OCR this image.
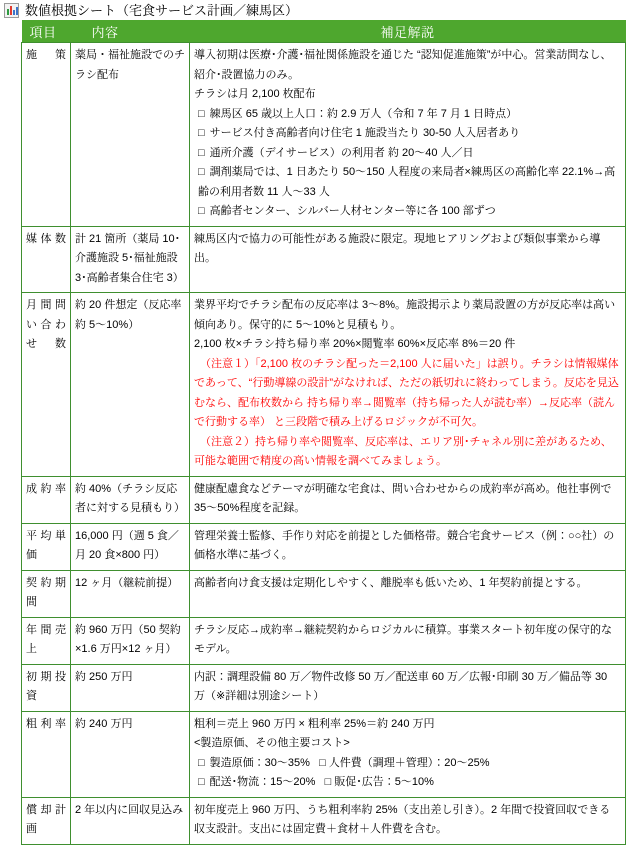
数値根拠シート（宅食サービス計画／練馬区）
項目	内容	補足解説

施策	薬局・福祉施設でのチラシ配布	
導入初期は医療･介護･福祉関係施設を通じた “認知促進施策”が中心。営業訪問なし、紹介･設置協力のみ。
チラシは月 2,100 枚配布
□ 練馬区 65 歳以上人口：約 2.9 万人（令和 7 年 7 月 1 日時点）
□ サービス付き高齢者向け住宅 1 施設当たり 30-50 人入居者あり
□ 通所介護（デイサービス）の利用者 約 20〜40 人／日
□ 調剤薬局では、1 日あたり 50〜150 人程度の来局者×練馬区の高齢化率 22.1%→高齢の利用者数 11 人〜33 人
□ 高齢者センター、シルバー人材センター等に各 100 部ずつ

媒体数	計 21 箇所（薬局 10･介護施設 5･福祉施設 3･高齢者集合住宅 3）	練馬区内で協力の可能性がある施設に限定。現地ヒアリングおよび類似事業から導出。

月間問い合わせ数	約 20 件想定（反応率約 5〜10%）	業界平均でチラシ配布の反応率は 3〜8%。施設掲示より薬局設置の方が反応率は高い傾向あり。保守的に 5〜10%と見積もり。
2,100 枚×チラシ持ち帰り率 20%×閲覧率 60%×反応率 8%＝20 件
（注意１）「2,100 枚のチラシ配った＝2,100 人に届いた」は誤り。チラシは情報媒体であって、“行動導線の設計”がなければ、ただの紙切れに終わってしまう。反応を見込むなら、配布枚数から 持ち帰り率→閲覧率（持ち帰った人が読む率）→反応率（読んで行動する率） と三段階で積み上げるロジックが不可欠。
（注意２）持ち帰り率や閲覧率、反応率は、エリア別･チャネル別に差があるため、可能な範囲で精度の高い情報を調べてみましょう。

成約率	約 40%（チラシ反応者に対する見積もり）	健康配慮食などテーマが明確な宅食は、問い合わせからの成約率が高め。他社事例で 35〜50%程度を記録。

平均単価	16,000 円（週 5 食／月 20 食×800 円）	管理栄養士監修、手作り対応を前提とした価格帯。競合宅食サービス（例：○○社）の価格水準に基づく。

契約期間	12 ヶ月（継続前提）	高齢者向け食支援は定期化しやすく、離脱率も低いため、1 年契約前提とする。

年間売上	約 960 万円（50 契約×1.6 万円×12 ヶ月）	チラシ反応→成約率→継続契約からロジカルに積算。事業スタート初年度の保守的なモデル。

初期投資	約 250 万円	内訳：調理設備 80 万／物件改修 50 万／配送車 60 万／広報･印刷 30 万／備品等 30 万（※詳細は別途シート）

粗利率	約 240 万円	粗利＝売上 960 万円 × 粗利率 25%＝約 240 万円
<製造原価、その他主要コスト>
□ 製造原価：30〜35% □ 人件費（調理＋管理）：20〜25%
□ 配送･物流：15〜20% □ 販促･広告：5〜10%

償却計画	2 年以内に回収見込み	初年度売上 960 万円、うち粗利率約 25%（支出差し引き）。2 年間で投資回収できる収支設計。支出には固定費＋食材＋人件費を含む。
